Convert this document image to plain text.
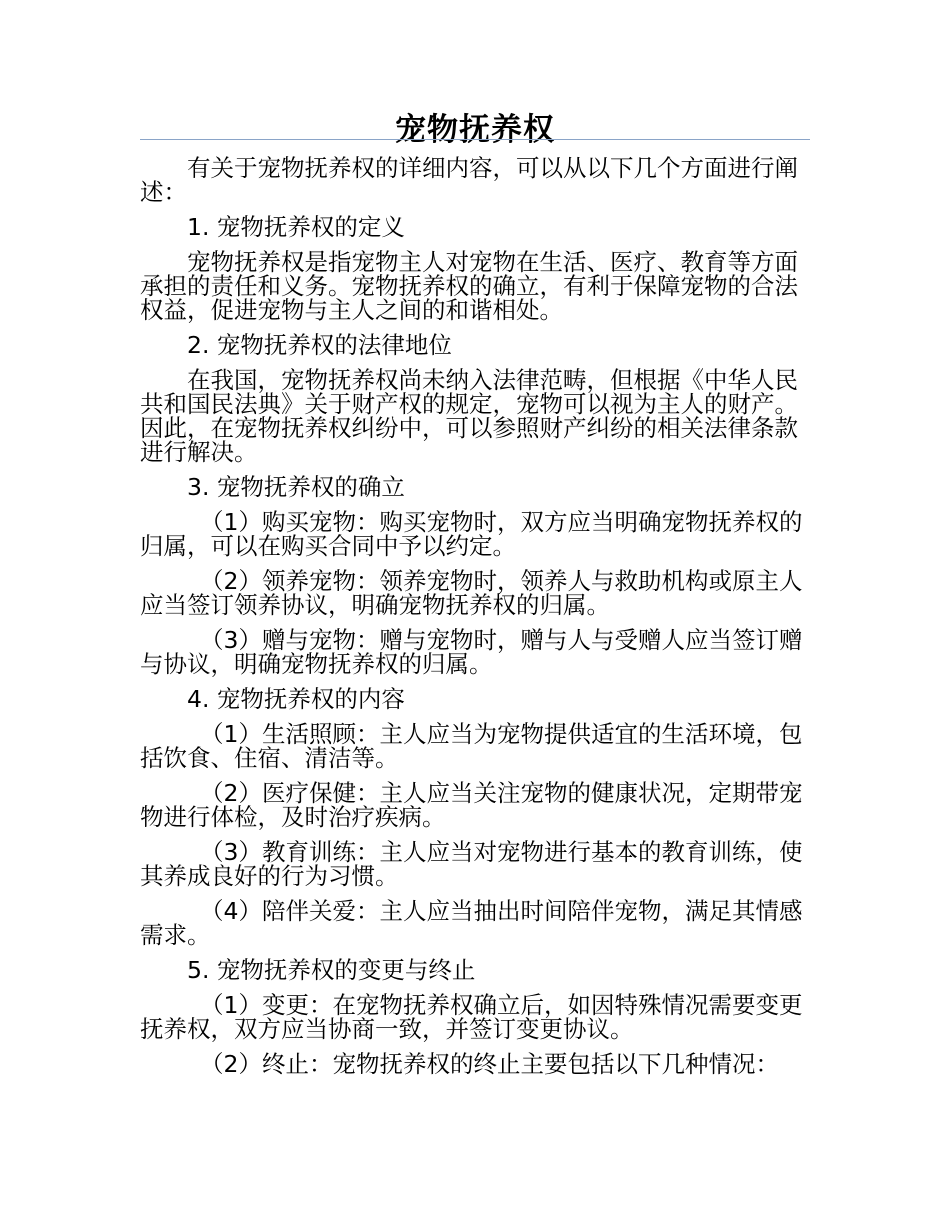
宠物抚养权

有关于宠物抚养权的详细内容，可以从以下几个方面进行阐述：

1. 宠物抚养权的定义

宠物抚养权是指宠物主人对宠物在生活、医疗、教育等方面承担的责任和义务。宠物抚养权的确立，有利于保障宠物的合法权益，促进宠物与主人之间的和谐相处。

2. 宠物抚养权的法律地位

在我国，宠物抚养权尚未纳入法律范畴，但根据《中华人民共和国民法典》关于财产权的规定，宠物可以视为主人的财产。因此，在宠物抚养权纠纷中，可以参照财产纠纷的相关法律条款进行解决。

3. 宠物抚养权的确立

（1）购买宠物：购买宠物时，双方应当明确宠物抚养权的归属，可以在购买合同中予以约定。

（2）领养宠物：领养宠物时，领养人与救助机构或原主人应当签订领养协议，明确宠物抚养权的归属。

（3）赠与宠物：赠与宠物时，赠与人与受赠人应当签订赠与协议，明确宠物抚养权的归属。

4. 宠物抚养权的内容

（1）生活照顾：主人应当为宠物提供适宜的生活环境，包括饮食、住宿、清洁等。

（2）医疗保健：主人应当关注宠物的健康状况，定期带宠物进行体检，及时治疗疾病。

（3）教育训练：主人应当对宠物进行基本的教育训练，使其养成良好的行为习惯。

（4）陪伴关爱：主人应当抽出时间陪伴宠物，满足其情感需求。

5. 宠物抚养权的变更与终止

（1）变更：在宠物抚养权确立后，如因特殊情况需要变更抚养权，双方应当协商一致，并签订变更协议。

（2）终止：宠物抚养权的终止主要包括以下几种情况：
